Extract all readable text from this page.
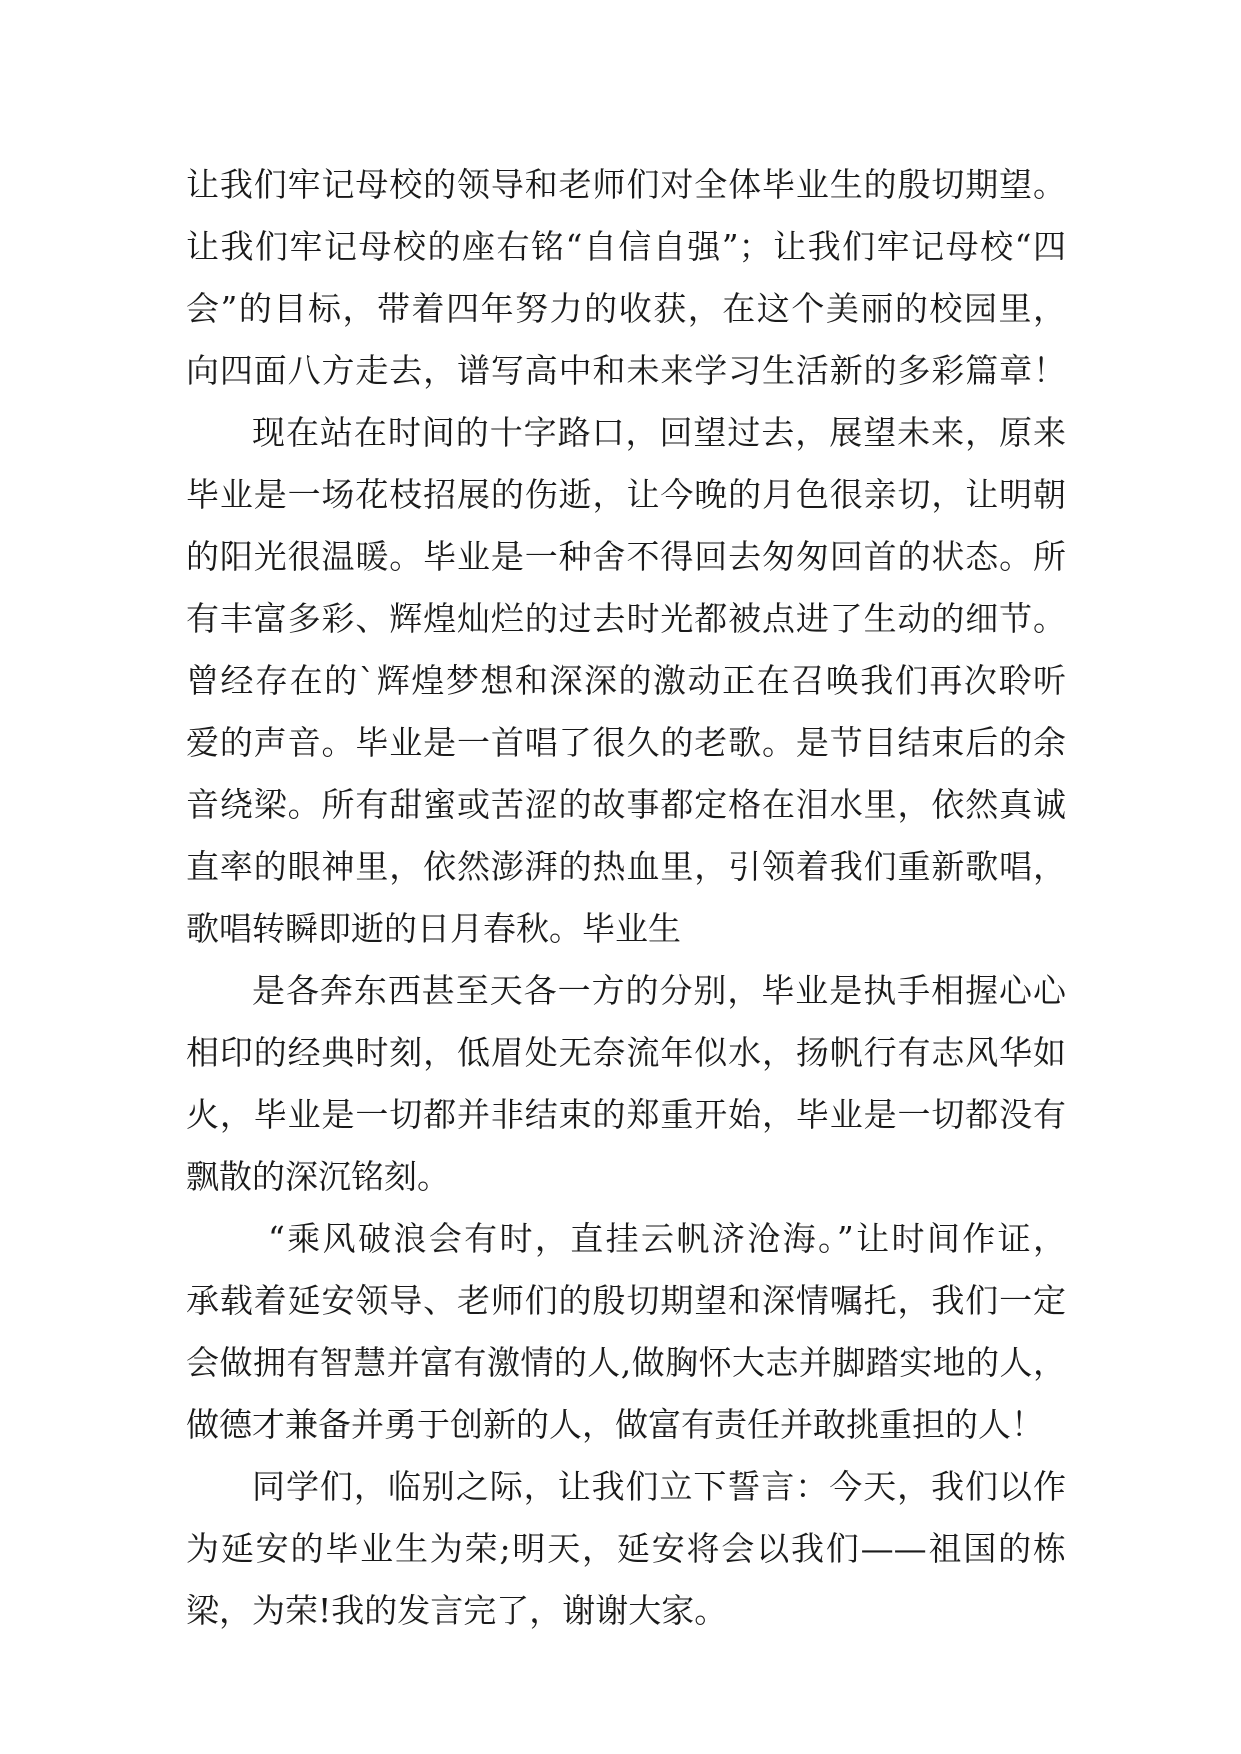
让我们牢记母校的领导和老师们对全体毕业生的殷切期望。
让我们牢记母校的座右铭“自信自强”；让我们牢记母校“四
会”的目标，带着四年努力的收获，在这个美丽的校园里，
向四面八方走去，谱写高中和未来学习生活新的多彩篇章！
现在站在时间的十字路口，回望过去，展望未来，原来
毕业是一场花枝招展的伤逝，让今晚的月色很亲切，让明朝
的阳光很温暖。毕业是一种舍不得回去匆匆回首的状态。所
有丰富多彩、辉煌灿烂的过去时光都被点进了生动的细节。
曾经存在的`辉煌梦想和深深的激动正在召唤我们再次聆听
爱的声音。毕业是一首唱了很久的老歌。是节目结束后的余
音绕梁。所有甜蜜或苦涩的故事都定格在泪水里，依然真诚
直率的眼神里，依然澎湃的热血里，引领着我们重新歌唱，
歌唱转瞬即逝的日月春秋。毕业生
是各奔东西甚至天各一方的分别，毕业是执手相握心心
相印的经典时刻，低眉处无奈流年似水，扬帆行有志风华如
火，毕业是一切都并非结束的郑重开始，毕业是一切都没有
飘散的深沉铭刻。
“乘风破浪会有时，直挂云帆济沧海。”让时间作证，
承载着延安领导、老师们的殷切期望和深情嘱托，我们一定
会做拥有智慧并富有激情的人,做胸怀大志并脚踏实地的人，
做德才兼备并勇于创新的人，做富有责任并敢挑重担的人！
同学们，临别之际，让我们立下誓言：今天，我们以作
为延安的毕业生为荣;明天，延安将会以我们——祖国的栋
梁，为荣!我的发言完了，谢谢大家。
